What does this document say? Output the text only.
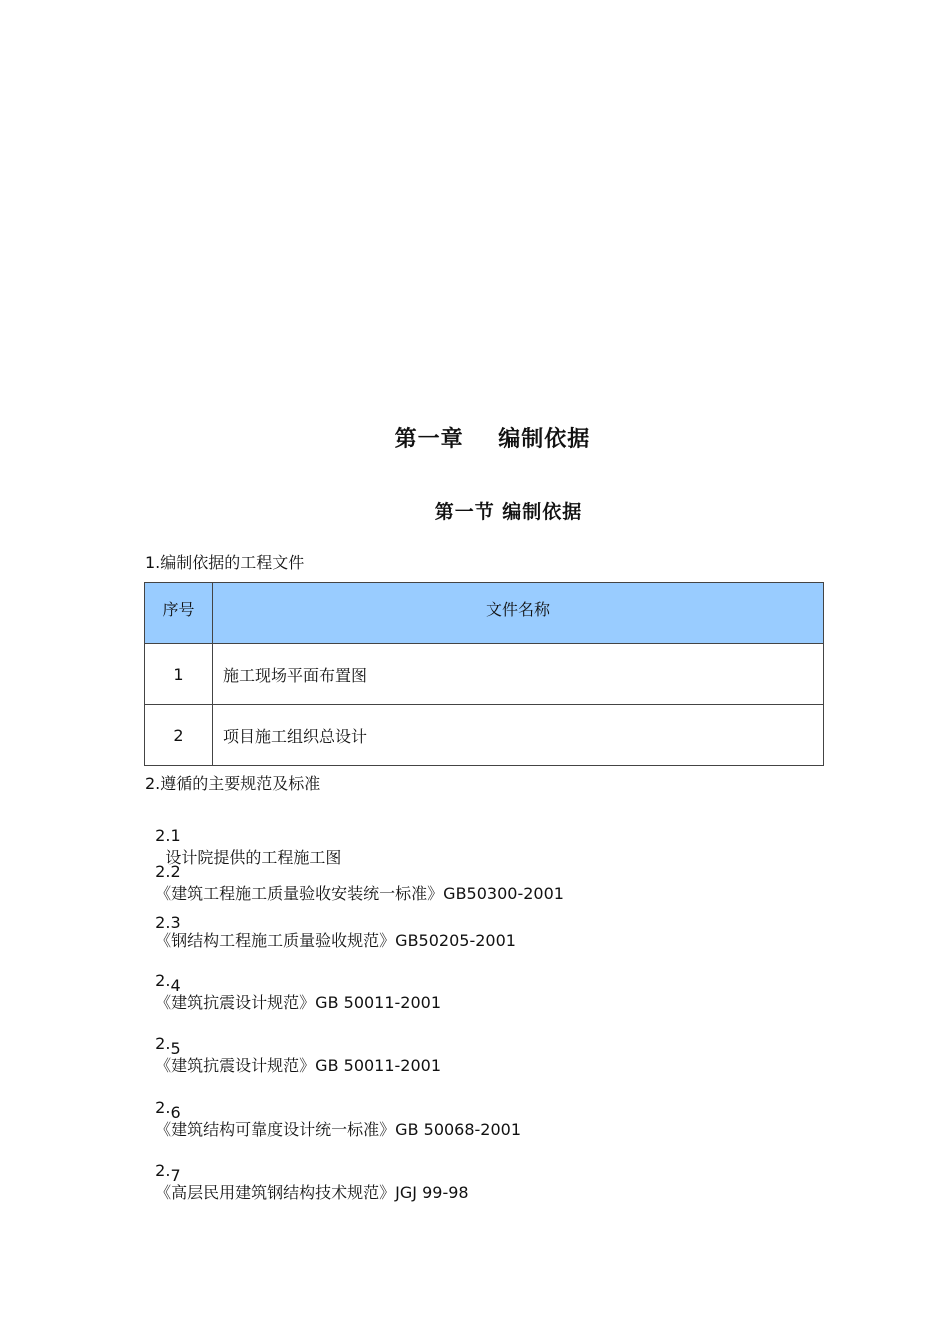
第一章    编制依据
第一节 编制依据
1.编制依据的工程文件
序号	文件名称
1	施工现场平面布置图
2	项目施工组织总设计
2.遵循的主要规范及标准

2.1
设计院提供的工程施工图

2.2
《建筑工程施工质量验收安装统一标准》GB50300-2001

2.3
《钢结构工程施工质量验收规范》GB50205-2001

2.4
《建筑抗震设计规范》GB 50011-2001

2.5
《建筑抗震设计规范》GB 50011-2001

2.6
《建筑结构可靠度设计统一标准》GB 50068-2001

2.7
《高层民用建筑钢结构技术规范》JGJ 99-98
